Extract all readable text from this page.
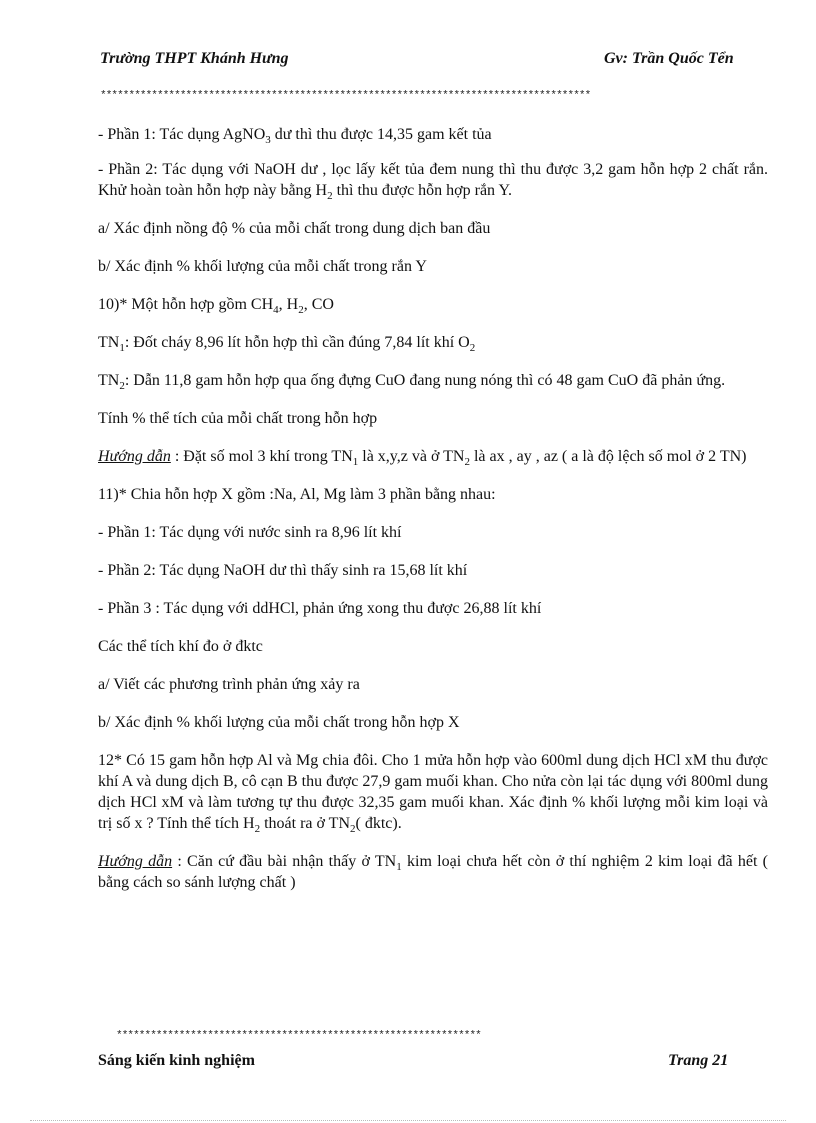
Trường THPT Khánh Hưng	Gv: Trần Quốc Tển
**************************************************************************************

- Phần 1: Tác dụng AgNO$_3$ dư thì thu được 14,35 gam kết tủa

- Phần 2: Tác dụng với NaOH dư , lọc lấy kết tủa đem nung thì thu được 3,2 gam hỗn hợp 2 chất rắn. Khử hoàn toàn hỗn hợp này bằng $H_2$ thì thu được hỗn hợp rắn Y.

a/ Xác định nồng độ % của mỗi chất trong dung dịch ban đầu

b/ Xác định % khối lượng của mỗi chất trong rắn Y

10)* Một hỗn hợp gồm $CH_4$, $H_2$, CO

$TN_1$: Đốt cháy 8,96 lít hỗn hợp thì cần đúng 7,84 lít khí $O_2$

$TN_2$: Dẫn 11,8 gam hỗn hợp qua ống đựng CuO đang nung nóng thì có 48 gam CuO đã phản ứng.

Tính % thể tích của mỗi chất trong hỗn hợp

Hướng dẫn : Đặt số mol 3 khí trong $TN_1$ là x,y,z và ở $TN_2$ là ax , ay , az ( a là độ lệch số mol ở 2 TN)

11)* Chia hỗn hợp X gồm :Na, Al, Mg làm 3 phần bằng nhau:

- Phần 1: Tác dụng với nước sinh ra 8,96 lít khí

- Phần 2: Tác dụng NaOH dư thì thấy sinh ra 15,68 lít khí

- Phần 3 : Tác dụng với ddHCl, phản ứng xong thu được 26,88 lít khí

Các thể tích khí đo ở đktc

a/ Viết các phương trình phản ứng xảy ra

b/ Xác định % khối lượng của mỗi chất trong hỗn hợp X

12* Có 15 gam hỗn hợp Al và Mg chia đôi. Cho 1 mửa hỗn hợp vào 600ml dung dịch HCl xM thu được khí A và dung dịch B, cô cạn B thu được 27,9 gam muối khan. Cho nửa còn lại tác dụng với 800ml dung dịch HCl xM và làm tương tự thu được 32,35 gam muối khan. Xác định % khối lượng mỗi kim loại và trị số x ? Tính thể tích $H_2$ thoát ra ở $TN_2$( đktc).

Hướng dẫn : Căn cứ đầu bài nhận thấy ở $TN_1$ kim loại chưa hết còn ở thí nghiệm 2 kim loại đã hết ( bằng cách so sánh lượng chất )

****************************************************************
Sáng kiến kinh nghiệm	Trang 21
